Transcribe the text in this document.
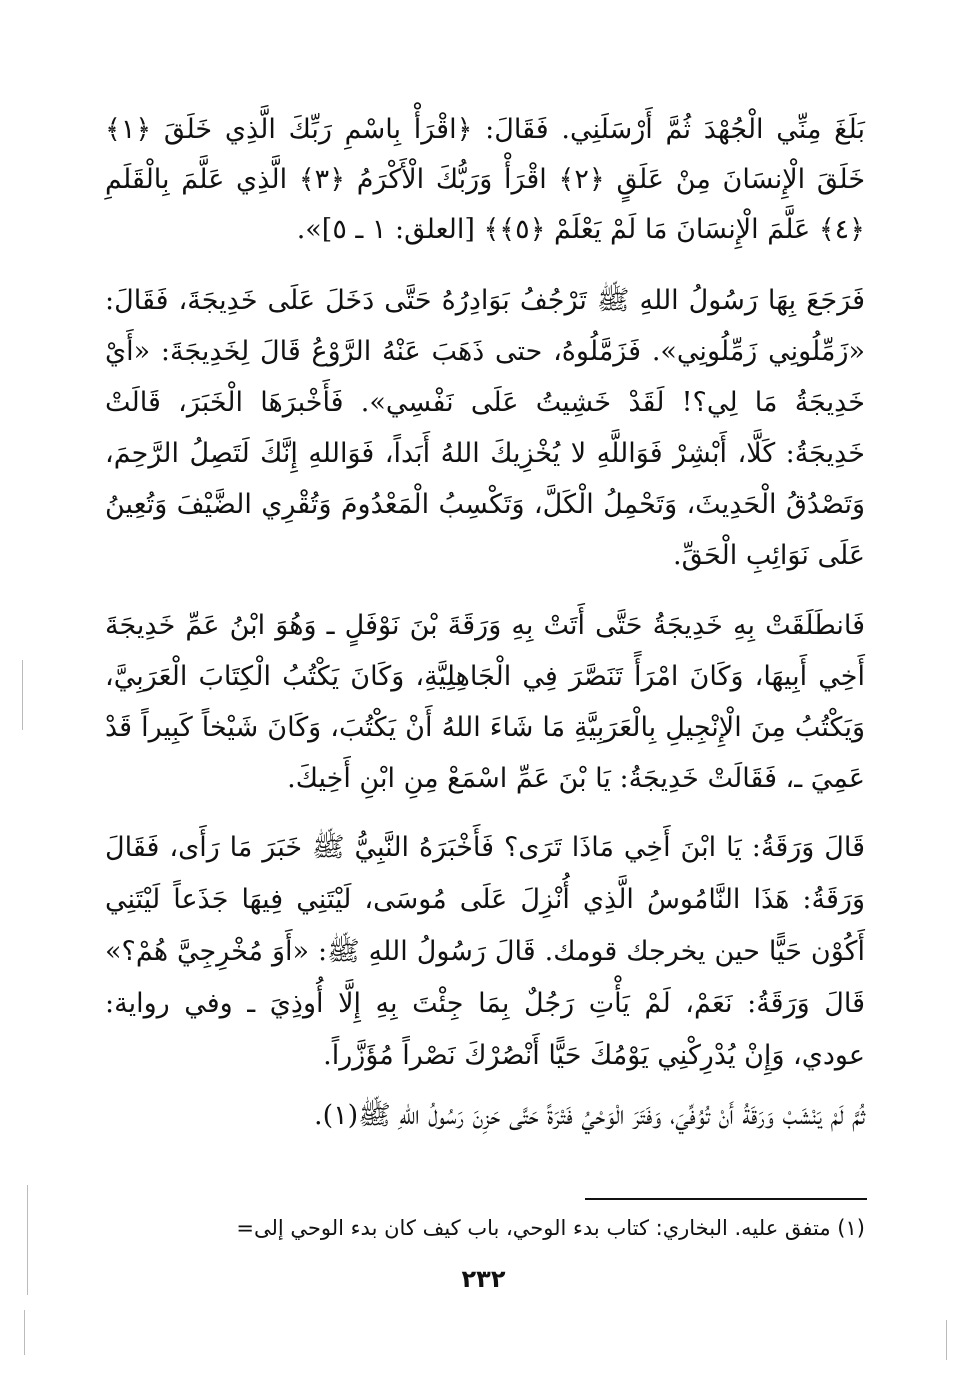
بَلَغَ مِنِّي الْجُهْدَ ثُمَّ أَرْسَلَنِي. فَقَالَ: ﴿اقْرَأْ بِاسْمِ رَبِّكَ الَّذِي خَلَقَ ﴿١﴾ خَلَقَ الْإِنسَانَ مِنْ عَلَقٍ ﴿٢﴾ اقْرَأْ وَرَبُّكَ الْأَكْرَمُ ﴿٣﴾ الَّذِي عَلَّمَ بِالْقَلَمِ ﴿٤﴾ عَلَّمَ الْإِنسَانَ مَا لَمْ يَعْلَمْ ﴿٥﴾﴾ [العلق: ١ ـ ٥]».

فَرَجَعَ بِهَا رَسُولُ اللهِ ﷺ تَرْجُفُ بَوَادِرُهُ حَتَّى دَخَلَ عَلَى خَدِيجَةَ، فَقَالَ: «زَمِّلُونِي زَمِّلُونِي». فَزَمَّلُوهُ، حتى ذَهَبَ عَنْهُ الرَّوْعُ قَالَ لِخَدِيجَةَ: «أَيْ خَدِيجَةُ مَا لِي؟! لَقَدْ خَشِيتُ عَلَى نَفْسِي». فَأَخْبرَهَا الْخَبَرَ، قَالَتْ خَدِيجَةُ: كَلَّا، أَبْشِرْ فَوَاللَّهِ لا يُخْزِيكَ اللهُ أَبَداً، فَوَاللهِ إِنَّكَ لَتَصِلُ الرَّحِمَ، وَتَصْدُقُ الْحَدِيثَ، وَتَحْمِلُ الْكَلَّ، وَتَكْسِبُ الْمَعْدُومَ وَتُقْرِي الضَّيْفَ وَتُعِينُ عَلَى نَوَائِبِ الْحَقِّ.

فَانطَلَقَتْ بِهِ خَدِيجَةُ حَتَّى أَتَتْ بِهِ وَرَقَةَ بْنَ نَوْفَلٍ ـ وَهُوَ ابْنُ عَمِّ خَدِيجَةَ أَخِي أَبِيهَا، وَكَانَ امْرَأً تَنَصَّرَ فِي الْجَاهِلِيَّةِ، وَكَانَ يَكْتُبُ الْكِتَابَ الْعَرَبِيَّ، وَيَكْتُبُ مِنَ الْإِنْجِيلِ بِالْعَرَبِيَّةِ مَا شَاءَ اللهُ أَنْ يَكْتُبَ، وَكَانَ شَيْخاً كَبِيراً قَدْ عَمِيَ ـ، فَقَالَتْ خَدِيجَةُ: يَا بْنَ عَمِّ اسْمَعْ مِنِ ابْنِ أَخِيكَ.

قَالَ وَرَقَةُ: يَا ابْنَ أَخِي مَاذَا تَرَى؟ فَأَخْبَرَهُ النَّبِيُّ ﷺ خَبَرَ مَا رَأَى، فَقَالَ وَرَقَةُ: هَذَا النَّامُوسُ الَّذِي أُنْزِلَ عَلَى مُوسَى، لَيْتَنِي فِيهَا جَذَعاً لَيْتَنِي أَكُوْن حَيًّا حين يخرجك قومك. قَالَ رَسُولُ اللهِ ﷺ: «أَوَ مُخْرِجِيَّ هُمْ؟» قَالَ وَرَقَةُ: نَعَمْ، لَمْ يَأْتِ رَجُلٌ بِمَا جِئْتَ بِهِ إِلَّا أُوذِيَ ـ وفي رواية: عودي، وَإِنْ يُدْرِكْنِي يَوْمُكَ حَيًّا أَنْصُرْكَ نَصْراً مُؤَزَّراً.

ثُمَّ لَمْ يَنْشَبْ وَرَقَةُ أَنْ تُوُفِّيَ، وَفَتَرَ الْوَحْيُ فَتْرَةً حَتَّى حَزِنَ رَسُولُ اللهِ ﷺ(١).

(١) متفق عليه. البخاري: كتاب بدء الوحي، باب كيف كان بدء الوحي إلى=
٢٣٢
